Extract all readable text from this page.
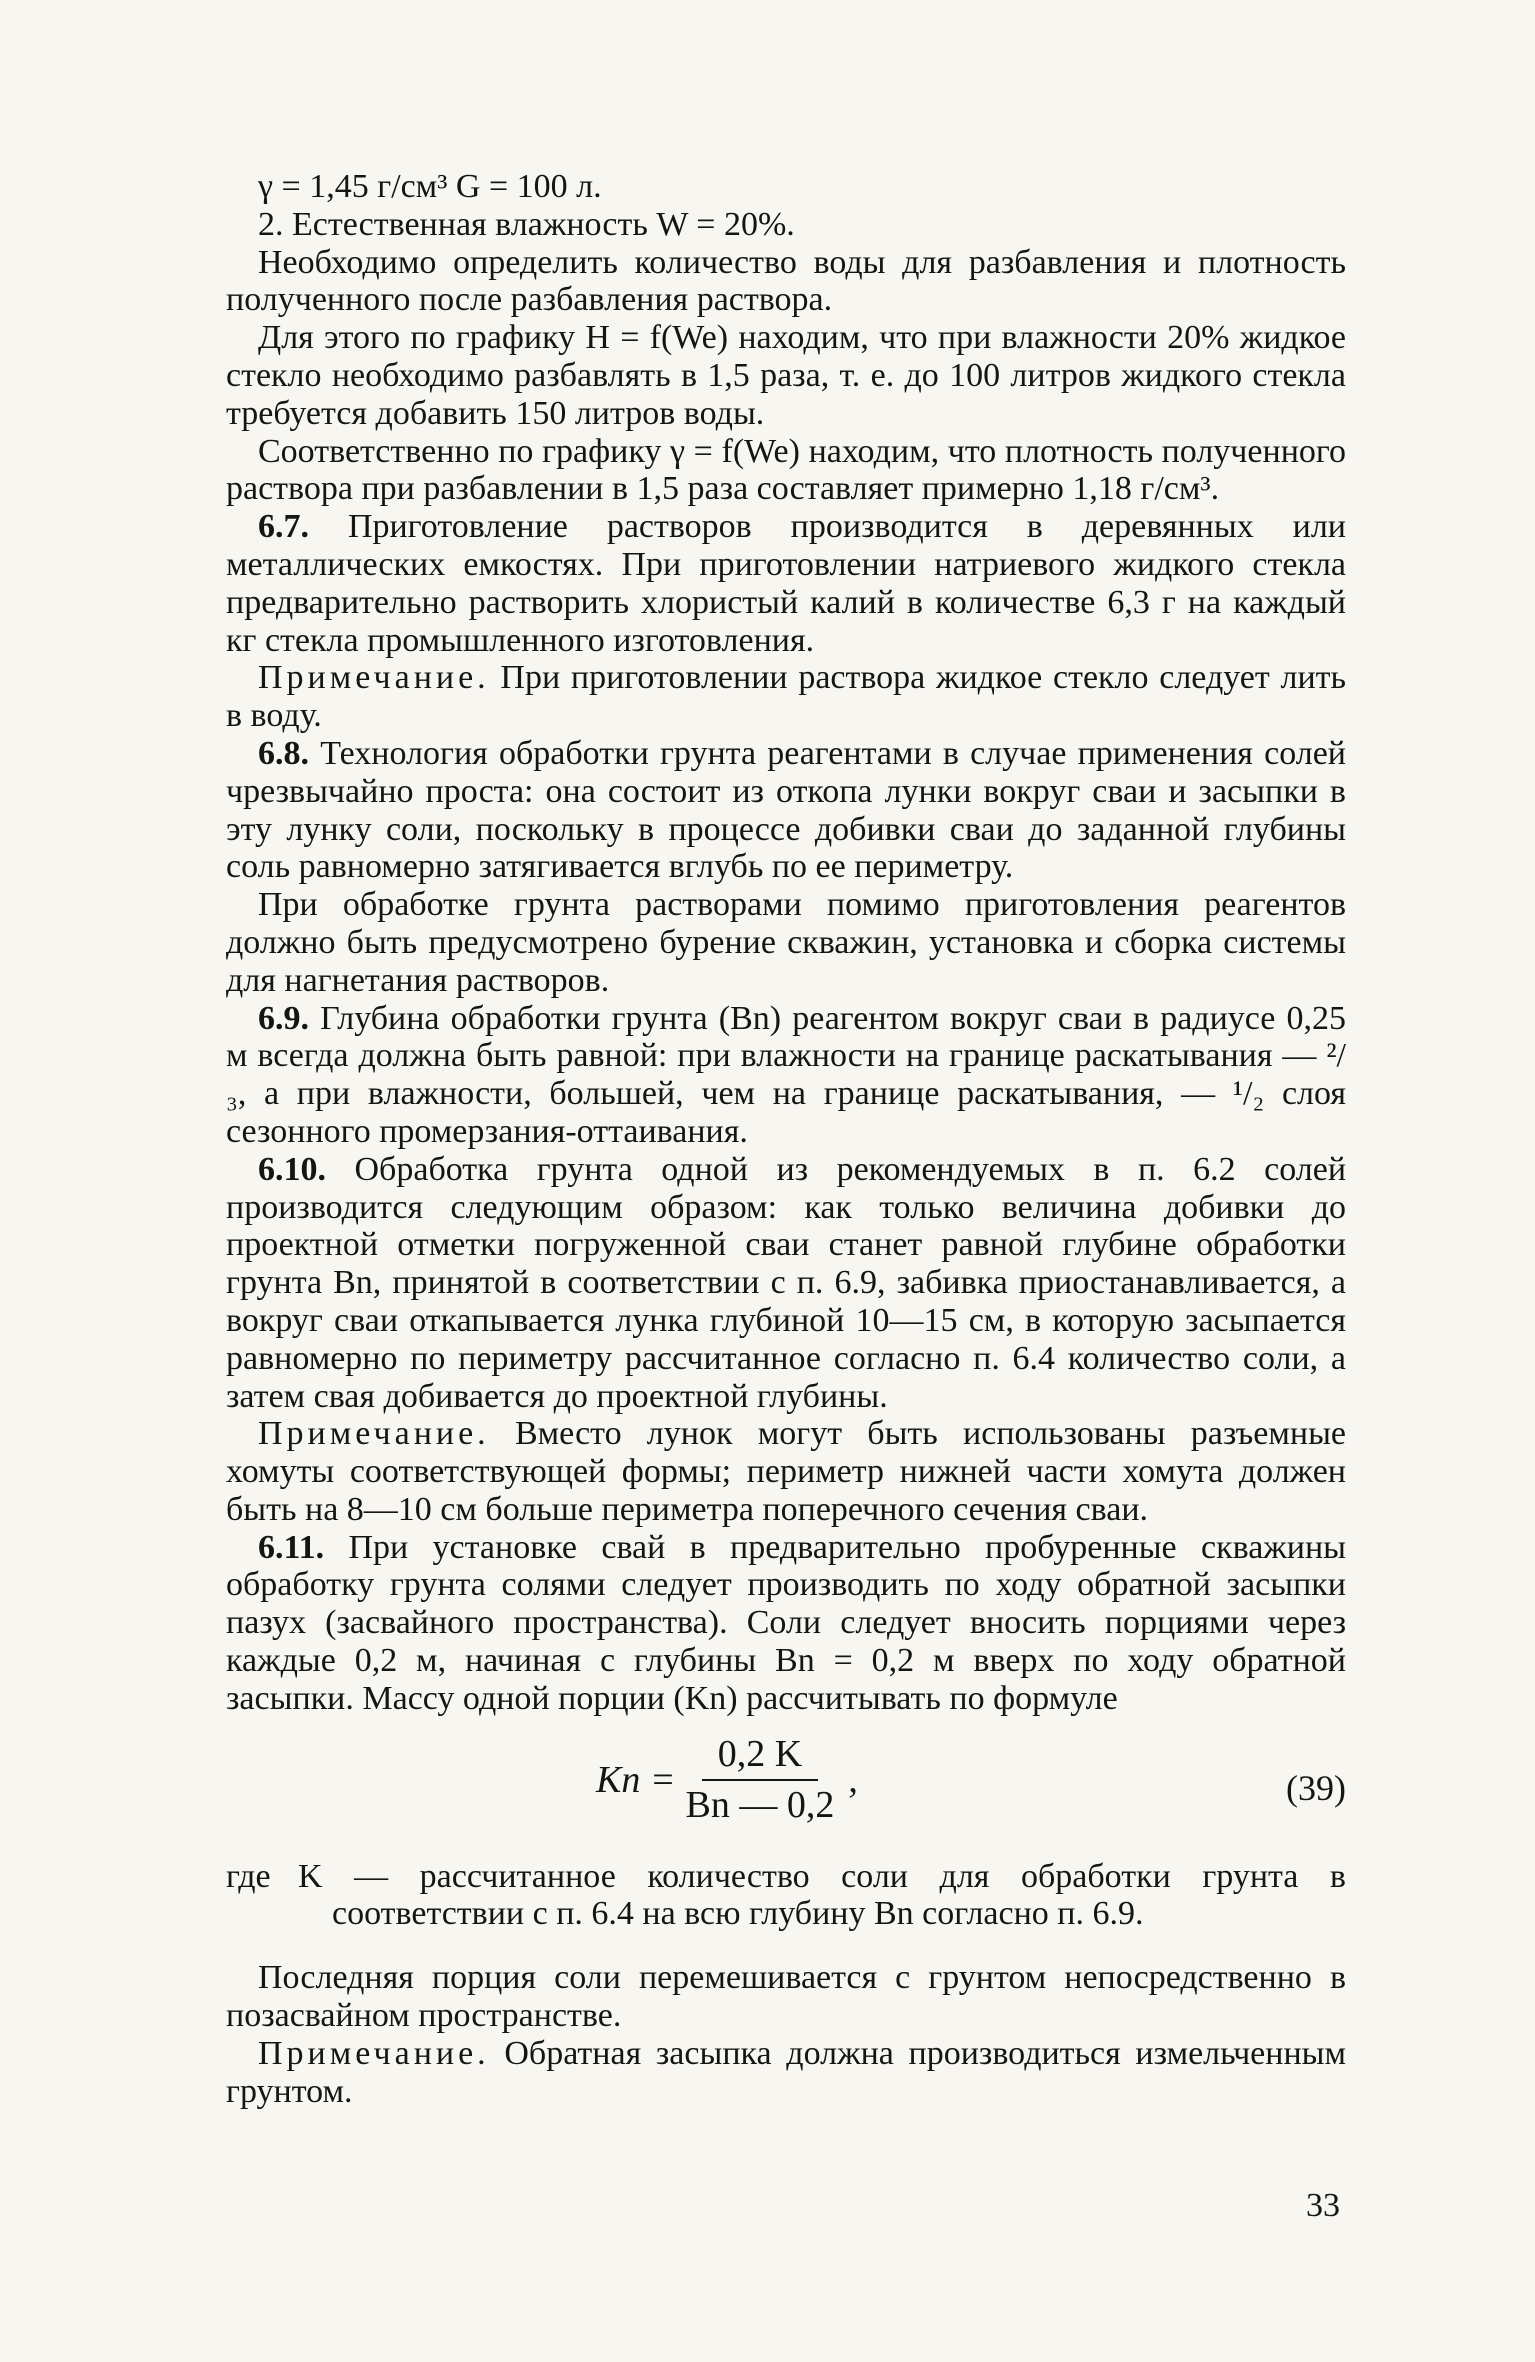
γ = 1,45 г/см³ G = 100 л.

2. Естественная влажность W = 20%.

Необходимо определить количество воды для разбавления и плотность полученного после разбавления раствора.

Для этого по графику H = f(We) находим, что при влажности 20% жидкое стекло необходимо разбавлять в 1,5 раза, т. е. до 100 литров жидкого стекла требуется добавить 150 литров воды.

Соответственно по графику γ = f(We) находим, что плотность полученного раствора при разбавлении в 1,5 раза составляет примерно 1,18 г/см³.

6.7. Приготовление растворов производится в деревянных или металлических емкостях. При приготовлении натриевого жидкого стекла предварительно растворить хлористый калий в количестве 6,3 г на каждый кг стекла промышленного изготовления.

Примечание. При приготовлении раствора жидкое стекло следует лить в воду.

6.8. Технология обработки грунта реагентами в случае применения солей чрезвычайно проста: она состоит из откопа лунки вокруг сваи и засыпки в эту лунку соли, поскольку в процессе добивки сваи до заданной глубины соль равномерно затягивается вглубь по ее периметру.

При обработке грунта растворами помимо приготовления реагентов должно быть предусмотрено бурение скважин, установка и сборка системы для нагнетания растворов.

6.9. Глубина обработки грунта (Bn) реагентом вокруг сваи в радиусе 0,25 м всегда должна быть равной: при влажности на границе раскатывания — ²/₃, а при влажности, большей, чем на границе раскатывания, — ¹/₂ слоя сезонного промерзания-оттаивания.

6.10. Обработка грунта одной из рекомендуемых в п. 6.2 солей производится следующим образом: как только величина добивки до проектной отметки погруженной сваи станет равной глубине обработки грунта Bn, принятой в соответствии с п. 6.9, забивка приостанавливается, а вокруг сваи откапывается лунка глубиной 10—15 см, в которую засыпается равномерно по периметру рассчитанное согласно п. 6.4 количество соли, а затем свая добивается до проектной глубины.

Примечание. Вместо лунок могут быть использованы разъемные хомуты соответствующей формы; периметр нижней части хомута должен быть на 8—10 см больше периметра поперечного сечения сваи.

6.11. При установке свай в предварительно пробуренные скважины обработку грунта солями следует производить по ходу обратной засыпки пазух (засвайного пространства). Соли следует вносить порциями через каждые 0,2 м, начиная с глубины Bn = 0,2 м вверх по ходу обратной засыпки. Массу одной порции (Kn) рассчитывать по формуле

$Kn = \frac{0,2 K}{Bn — 0,2}$ ,	(39)
где K — рассчитанное количество соли для обработки грунта в соответствии с п. 6.4 на всю глубину Bn согласно п. 6.9.

Последняя порция соли перемешивается с грунтом непосредственно в позасвайном пространстве.

Примечание. Обратная засыпка должна производиться измельченным грунтом.

33
